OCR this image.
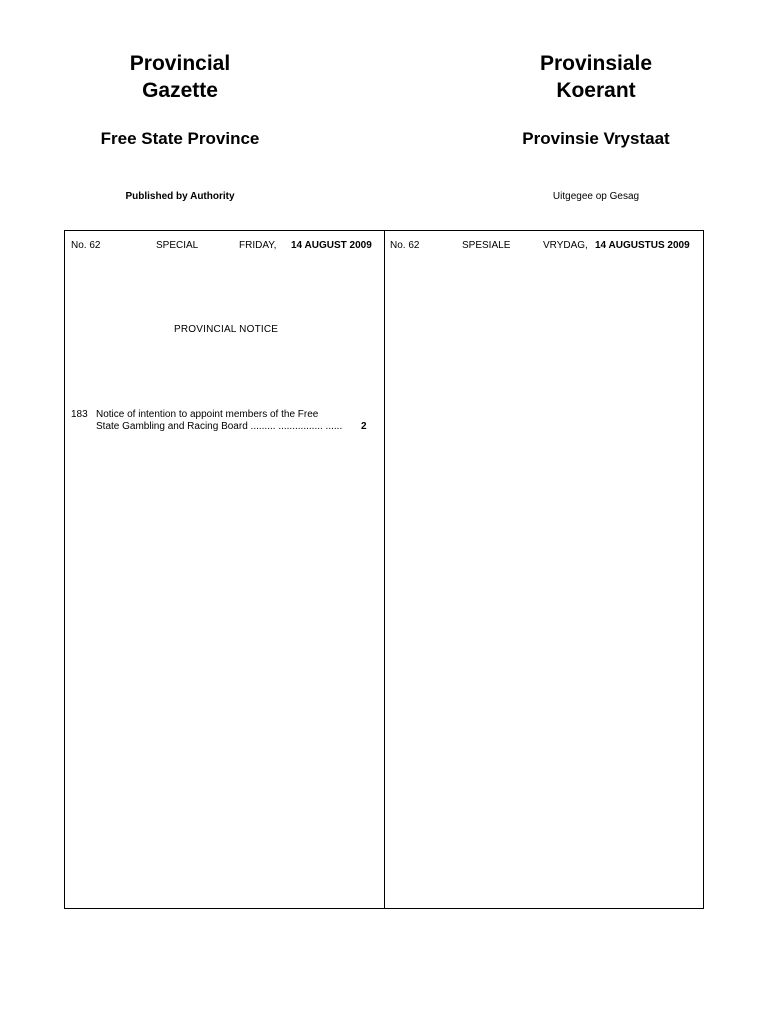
Provincial
Gazette
Free State Province
Published by Authority
Provinsiale
Koerant
Provinsie Vrystaat
Uitgegee op Gesag
No. 62	SPECIAL	FRIDAY, 14 AUGUST 2009 No. 62	SPESIALE	VRYDAG, 14 AUGUSTUS 2009
PROVINCIAL NOTICE
183 Notice of intention to appoint members of the Free
State Gambling and Racing Board ......... ................ ......	2
